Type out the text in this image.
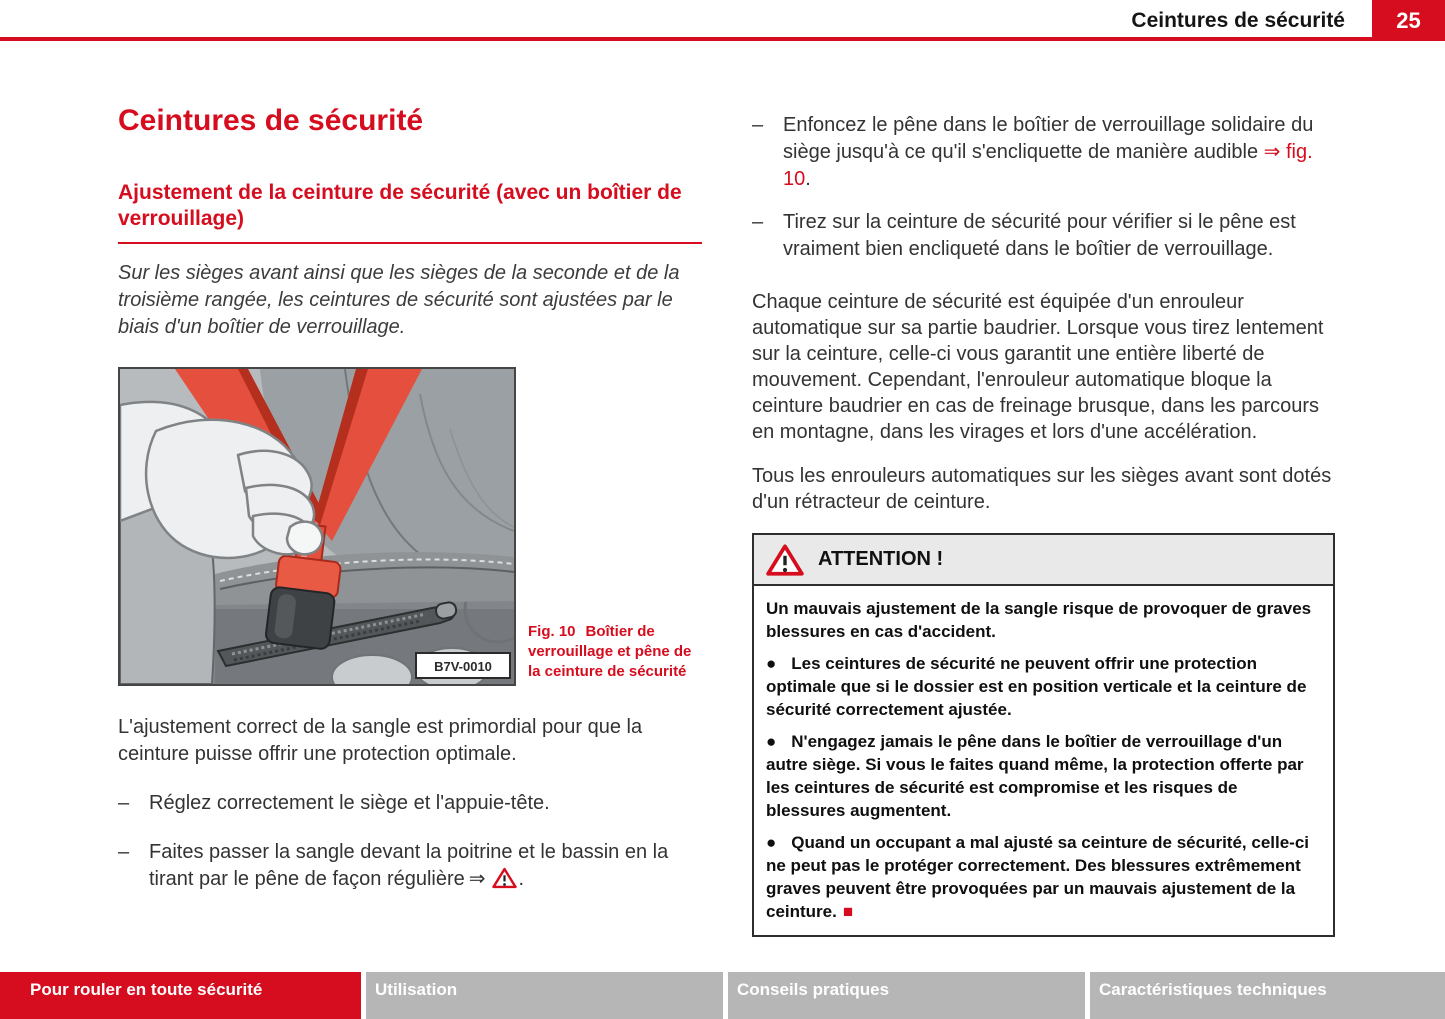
Ceintures de sécurité	25
Ceintures de sécurité
Ajustement de la ceinture de sécurité (avec un boîtier de verrouillage)

Sur les sièges avant ainsi que les sièges de la seconde et de la troisième rangée, les ceintures de sécurité sont ajustées par le biais d'un boîtier de verrouillage.

B7V-0010
Fig. 10 Boîtier de verrouillage et pêne de la ceinture de sécurité

L'ajustement correct de la sangle est primordial pour que la ceinture puisse offrir une protection optimale.

– Réglez correctement le siège et l'appuie-tête.
– Faites passer la sangle devant la poitrine et le bassin en la tirant par le pêne de façon régulière ⇒ .
– Enfoncez le pêne dans le boîtier de verrouillage solidaire du siège jusqu'à ce qu'il s'encliquette de manière audible ⇒ fig. 10.
– Tirez sur la ceinture de sécurité pour vérifier si le pêne est vraiment bien encliqueté dans le boîtier de verrouillage.

Chaque ceinture de sécurité est équipée d'un enrouleur automatique sur sa partie baudrier. Lorsque vous tirez lentement sur la ceinture, celle-ci vous garantit une entière liberté de mouvement. Cependant, l'enrouleur automatique bloque la ceinture baudrier en cas de freinage brusque, dans les parcours en montagne, dans les virages et lors d'une accélération.

Tous les enrouleurs automatiques sur les sièges avant sont dotés d'un rétracteur de ceinture.

ATTENTION !

Un mauvais ajustement de la sangle risque de provoquer de graves blessures en cas d'accident.

● Les ceintures de sécurité ne peuvent offrir une protection optimale que si le dossier est en position verticale et la ceinture de sécurité correctement ajustée.

● N'engagez jamais le pêne dans le boîtier de verrouillage d'un autre siège. Si vous le faites quand même, la protection offerte par les ceintures de sécurité est compromise et les risques de blessures augmentent.

● Quand un occupant a mal ajusté sa ceinture de sécurité, celle-ci ne peut pas le protéger correctement. Des blessures extrêmement graves peuvent être provoquées par un mauvais ajustement de la ceinture. ■

Pour rouler en toute sécurité	Utilisation	Conseils pratiques	Caractéristiques techniques
